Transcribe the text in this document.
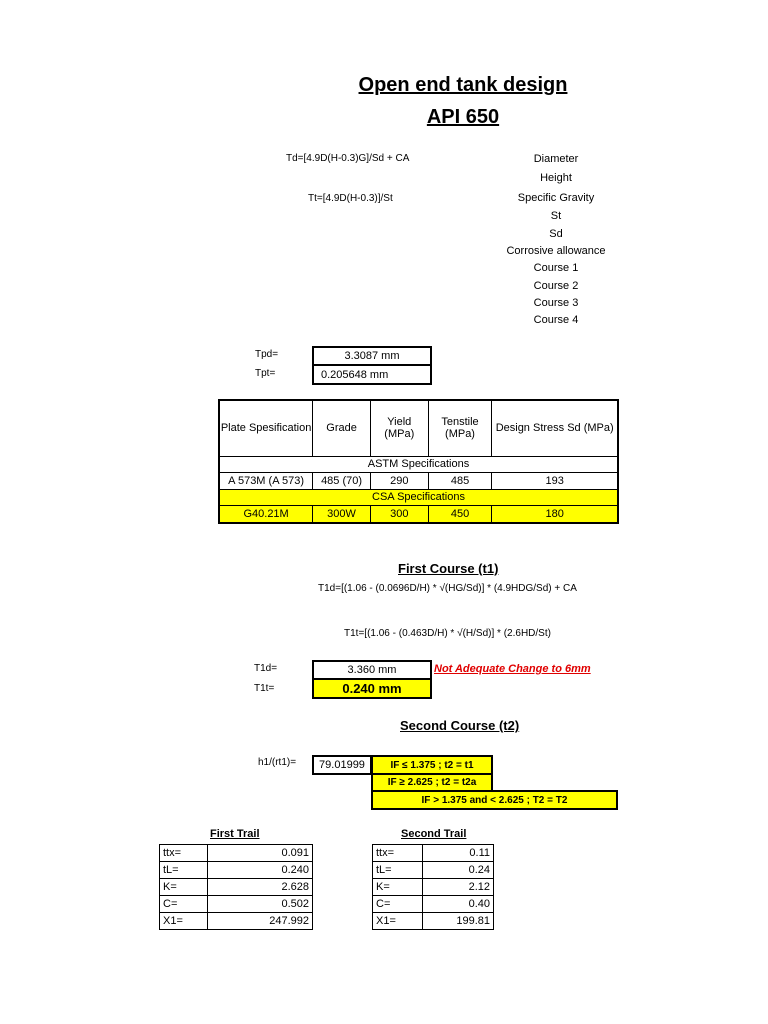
Open end tank design
API 650
Td=[4.9D(H-0.3)G]/Sd + CA
Tt=[4.9D(H-0.3)]/St
Diameter
Height
Specific Gravity
St
Sd
Corrosive allowance
Course 1
Course 2
Course 3
Course 4
Tpd=	3.3087 mm
Tpt=	0.205648 mm
Plate Spesification	Grade	Yield (MPa)	Tenstile (MPa)	Design Stress Sd (MPa)
ASTM Specifications				
A 573M (A 573)	485 (70)	290	485	193
CSA Specifications				
G40.21M	300W	300	450	180
First Course (t1)
T1d=[(1.06 - (0.0696D/H) * √(HG/Sd)] * (4.9HDG/Sd) + CA
T1t=[(1.06 - (0.463D/H) * √(H/Sd)] * (2.6HD/St)
T1d=	3.360 mm	Not Adequate Change to 6mm
T1t=	0.240 mm
Second Course (t2)
h1/(rt1)= 79.01999	IF ≤ 1.375 ; t2 = t1
IF ≥ 2.625 ; t2 = t2a
IF > 1.375 and < 2.625 ; T2 = T2
First Trail
ttx=	0.091
tL=	0.240
K=	2.628
C=	0.502
X1=	247.992
Second Trail
ttx=	0.11
tL=	0.24
K=	2.12
C=	0.40
X1=	199.81
